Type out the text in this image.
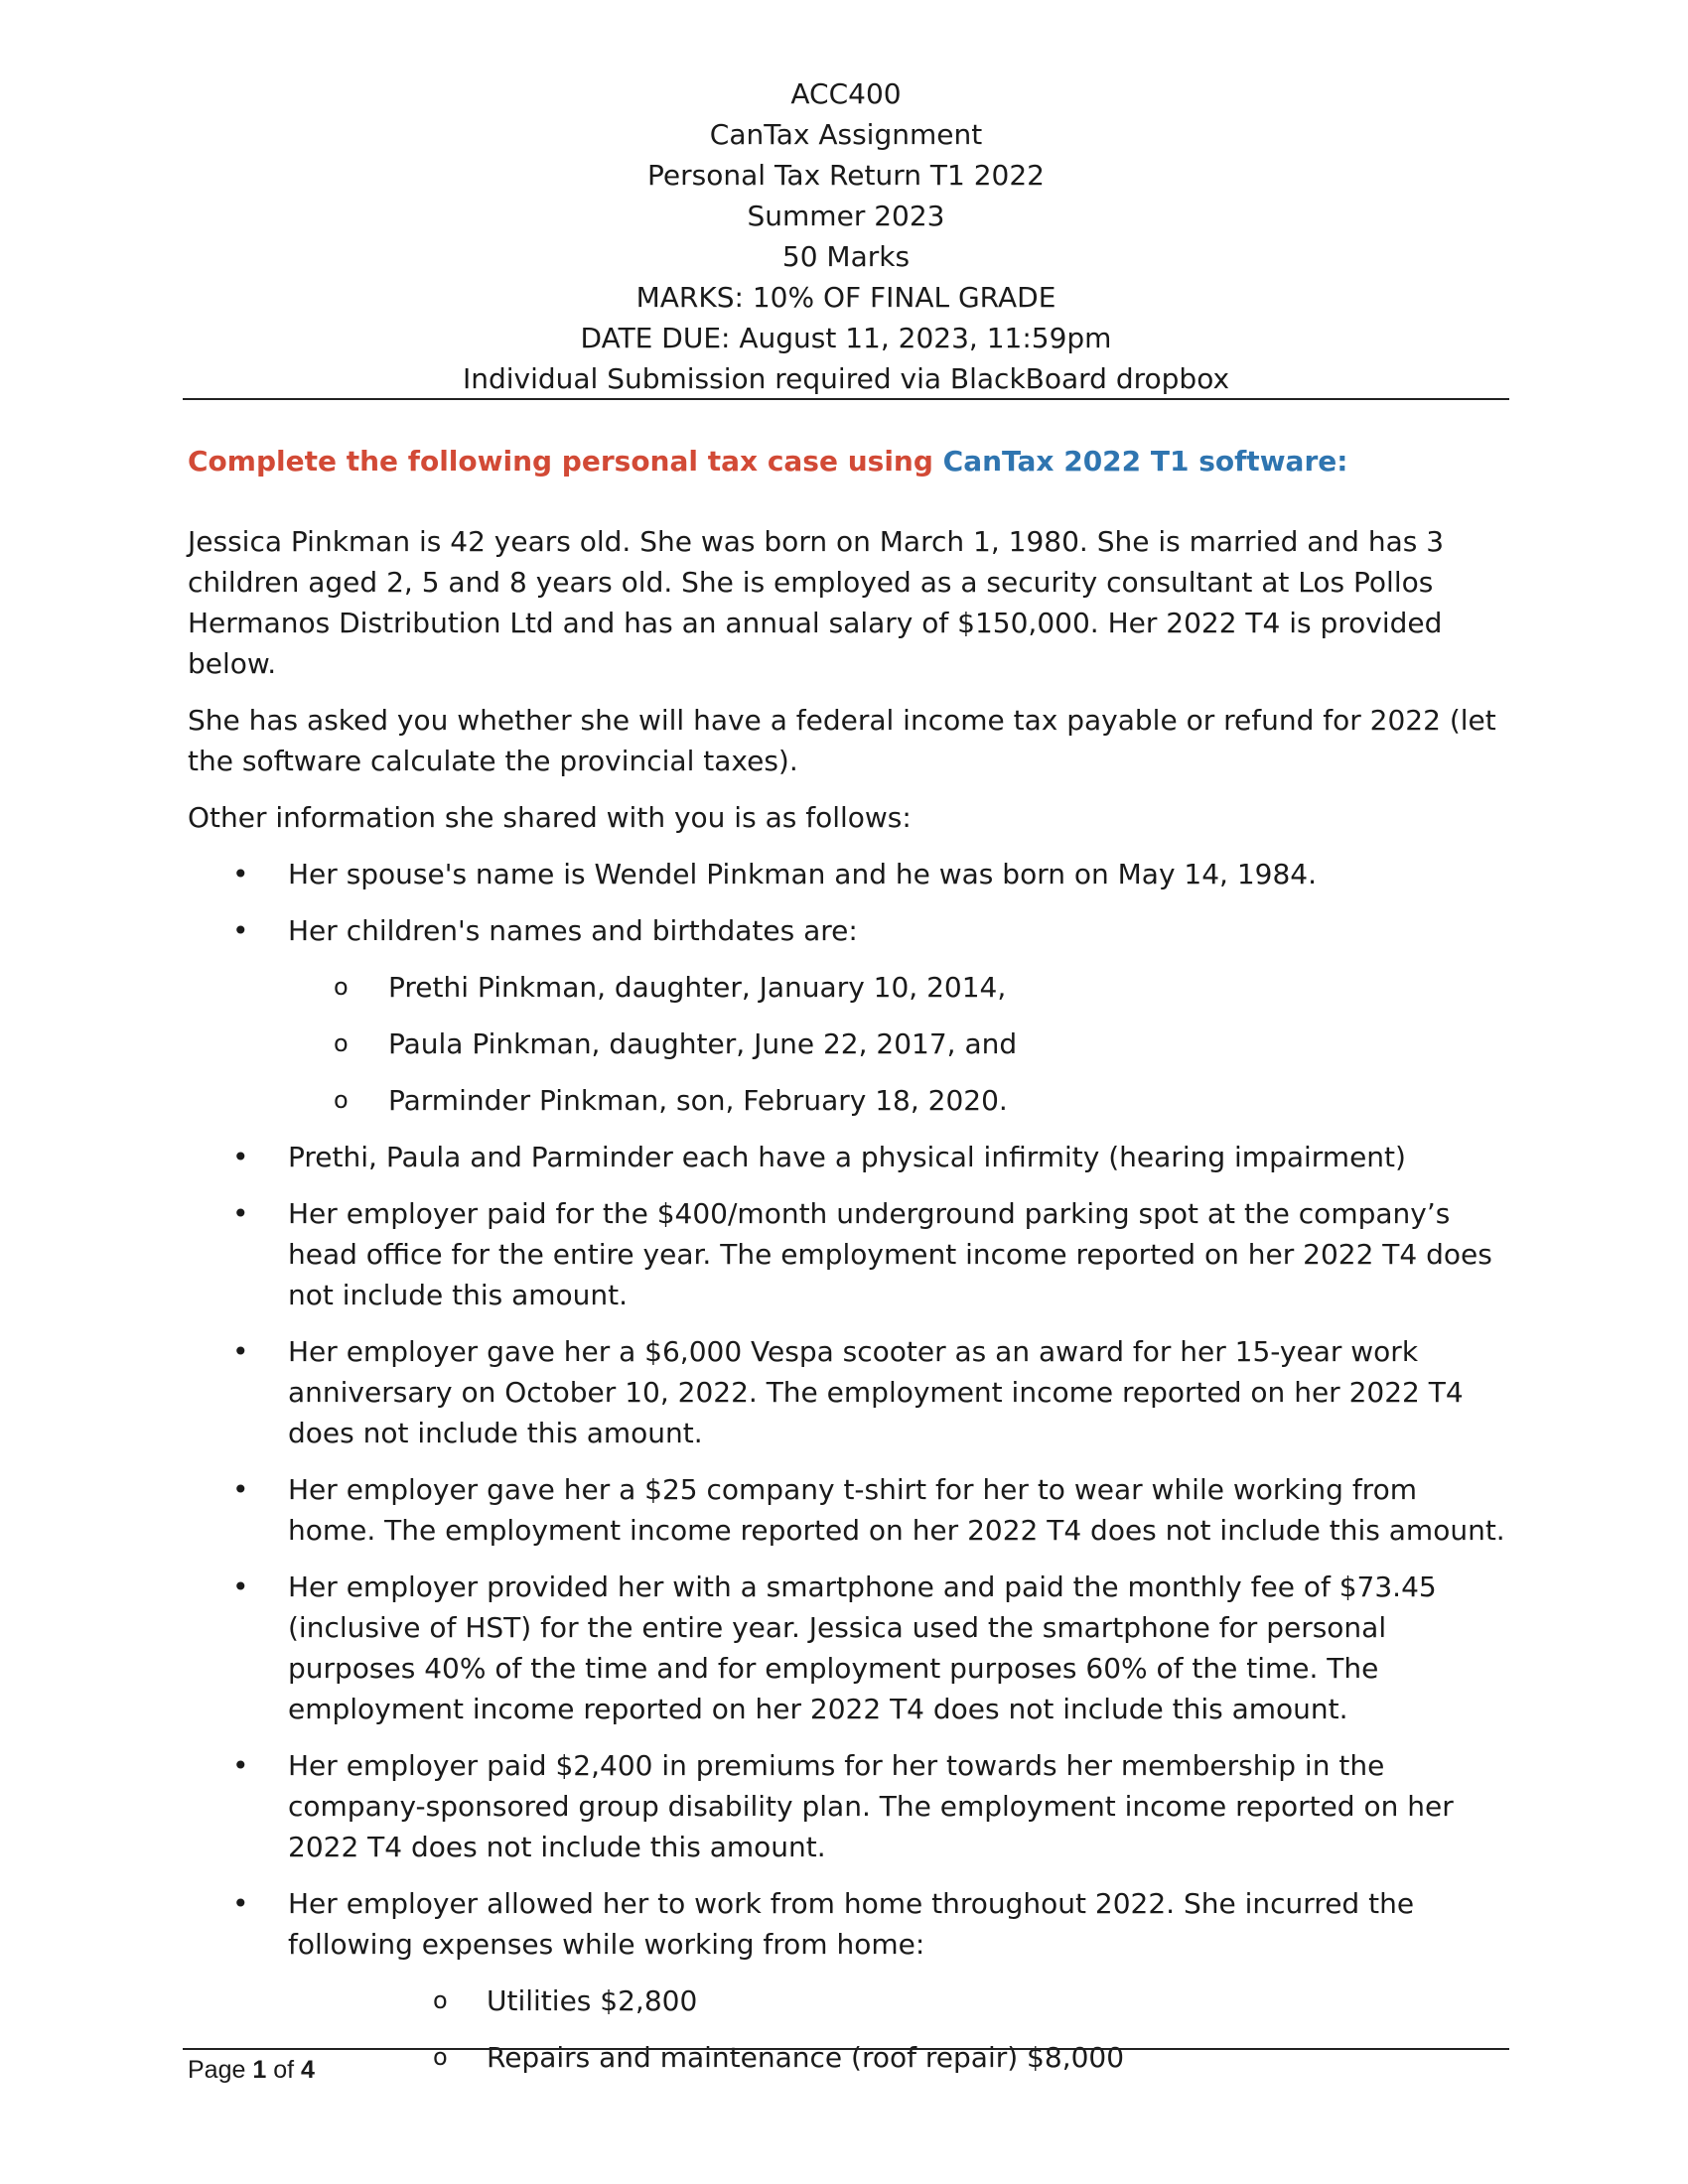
ACC400
CanTax Assignment
Personal Tax Return T1 2022
Summer 2023
50 Marks
MARKS: 10% OF FINAL GRADE
DATE DUE: August 11, 2023, 11:59pm
Individual Submission required via BlackBoard dropbox
Complete the following personal tax case using CanTax 2022 T1 software:

Jessica Pinkman is 42 years old. She was born on March 1, 1980. She is married and has 3 children aged 2, 5 and 8 years old. She is employed as a security consultant at Los Pollos Hermanos Distribution Ltd and has an annual salary of $150,000. Her 2022 T4 is provided below.

She has asked you whether she will have a federal income tax payable or refund for 2022 (let the software calculate the provincial taxes).

Other information she shared with you is as follows:

• Her spouse's name is Wendel Pinkman and he was born on May 14, 1984.
• Her children's names and birthdates are:
o Prethi Pinkman, daughter, January 10, 2014,
o Paula Pinkman, daughter, June 22, 2017, and
o Parminder Pinkman, son, February 18, 2020.
• Prethi, Paula and Parminder each have a physical infirmity (hearing impairment)
• Her employer paid for the $400/month underground parking spot at the company’s head office for the entire year. The employment income reported on her 2022 T4 does not include this amount.
• Her employer gave her a $6,000 Vespa scooter as an award for her 15-year work anniversary on October 10, 2022. The employment income reported on her 2022 T4 does not include this amount.
• Her employer gave her a $25 company t-shirt for her to wear while working from home. The employment income reported on her 2022 T4 does not include this amount.
• Her employer provided her with a smartphone and paid the monthly fee of $73.45 (inclusive of HST) for the entire year. Jessica used the smartphone for personal purposes 40% of the time and for employment purposes 60% of the time. The employment income reported on her 2022 T4 does not include this amount.
• Her employer paid $2,400 in premiums for her towards her membership in the company-sponsored group disability plan. The employment income reported on her 2022 T4 does not include this amount.
• Her employer allowed her to work from home throughout 2022. She incurred the following expenses while working from home:
o Utilities $2,800
o Repairs and maintenance (roof repair) $8,000
Page 1 of 4
